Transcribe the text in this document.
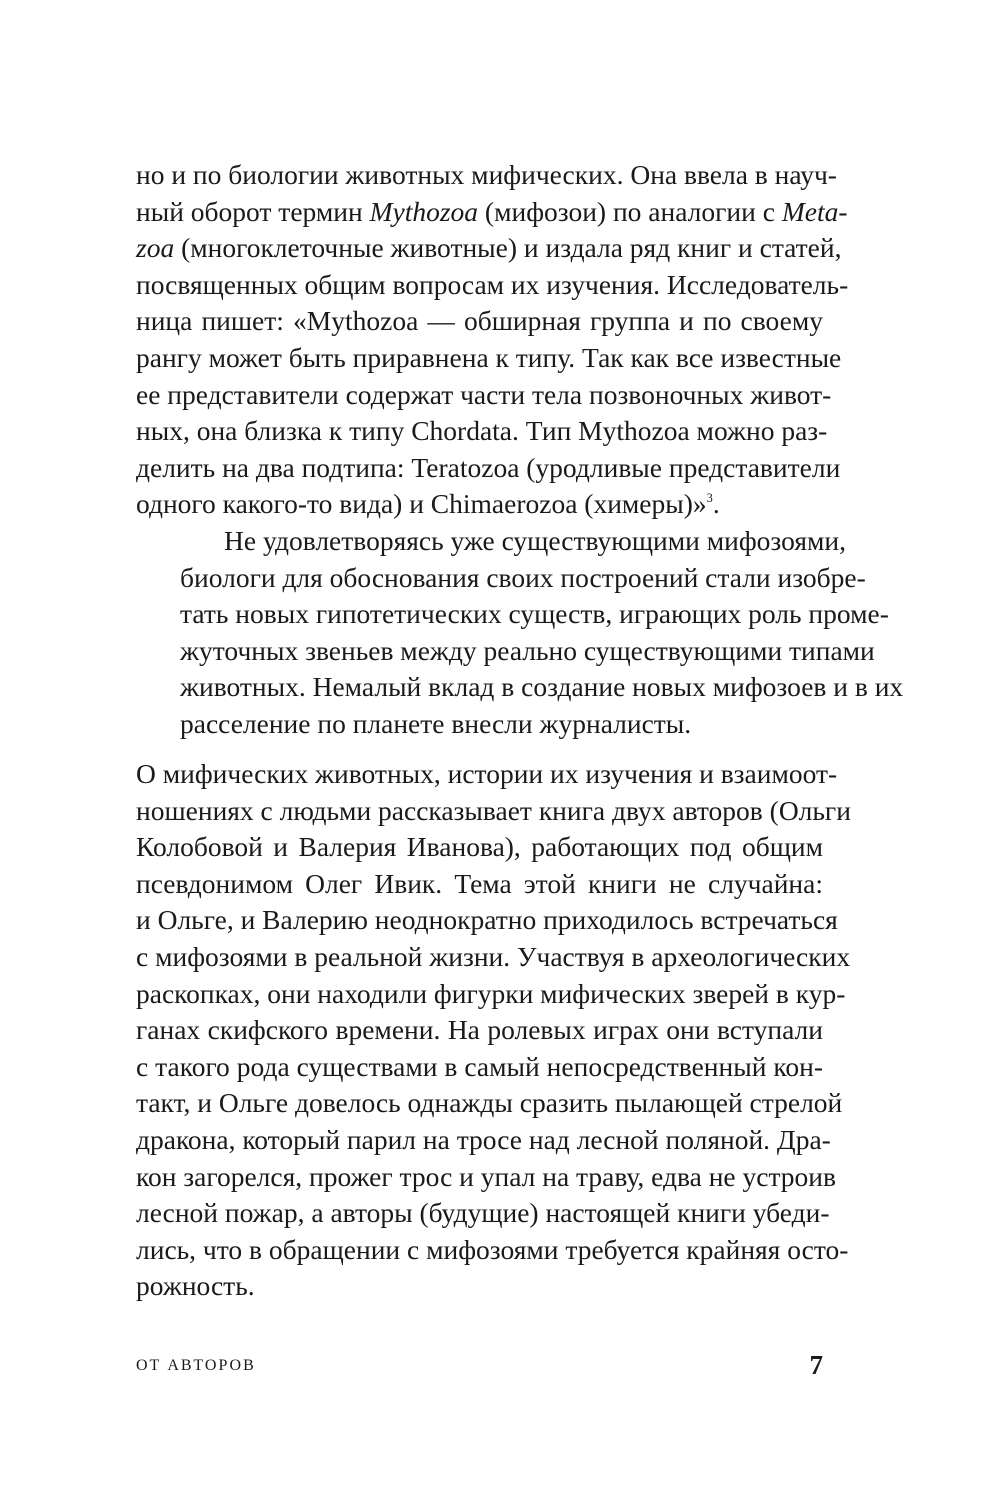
но и по биологии животных мифических. Она ввела в науч-
ный оборот термин Mythozoa (мифозои) по аналогии с Meta-
zoa (многоклеточные животные) и издала ряд книг и статей,
посвященных общим вопросам их изучения. Исследователь-
ница пишет: «Mythozoa — обширная группа и по своему
рангу может быть приравнена к типу. Так как все известные
ее представители содержат части тела позвоночных живот-
ных, она близка к типу Chordata. Тип Mythozoa можно раз-
делить на два подтипа: Teratozoa (уродливые представители
одного какого-то вида) и Chimaerozoa (химеры)»$^3$.

Не удовлетворяясь уже существующими мифозоями,
биологи для обоснования своих построений стали изобре-
тать новых гипотетических существ, играющих роль проме-
жуточных звеньев между реально существующими типами
животных. Немалый вклад в создание новых мифозоев и в их
расселение по планете внесли журналисты.

О мифических животных, истории их изучения и взаимоот-
ношениях с людьми рассказывает книга двух авторов (Ольги
Колобовой и Валерия Иванова), работающих под общим
псевдонимом Олег Ивик. Тема этой книги не случайна:
и Ольге, и Валерию неоднократно приходилось встречаться
с мифозоями в реальной жизни. Участвуя в археологических
раскопках, они находили фигурки мифических зверей в кур-
ганах скифского времени. На ролевых играх они вступали
с такого рода существами в самый непосредственный кон-
такт, и Ольге довелось однажды сразить пылающей стрелой
дракона, который парил на тросе над лесной поляной. Дра-
кон загорелся, прожег трос и упал на траву, едва не устроив
лесной пожар, а авторы (будущие) настоящей книги убеди-
лись, что в обращении с мифозоями требуется крайняя осто-
рожность.

ОТ АВТОРОВ	7
